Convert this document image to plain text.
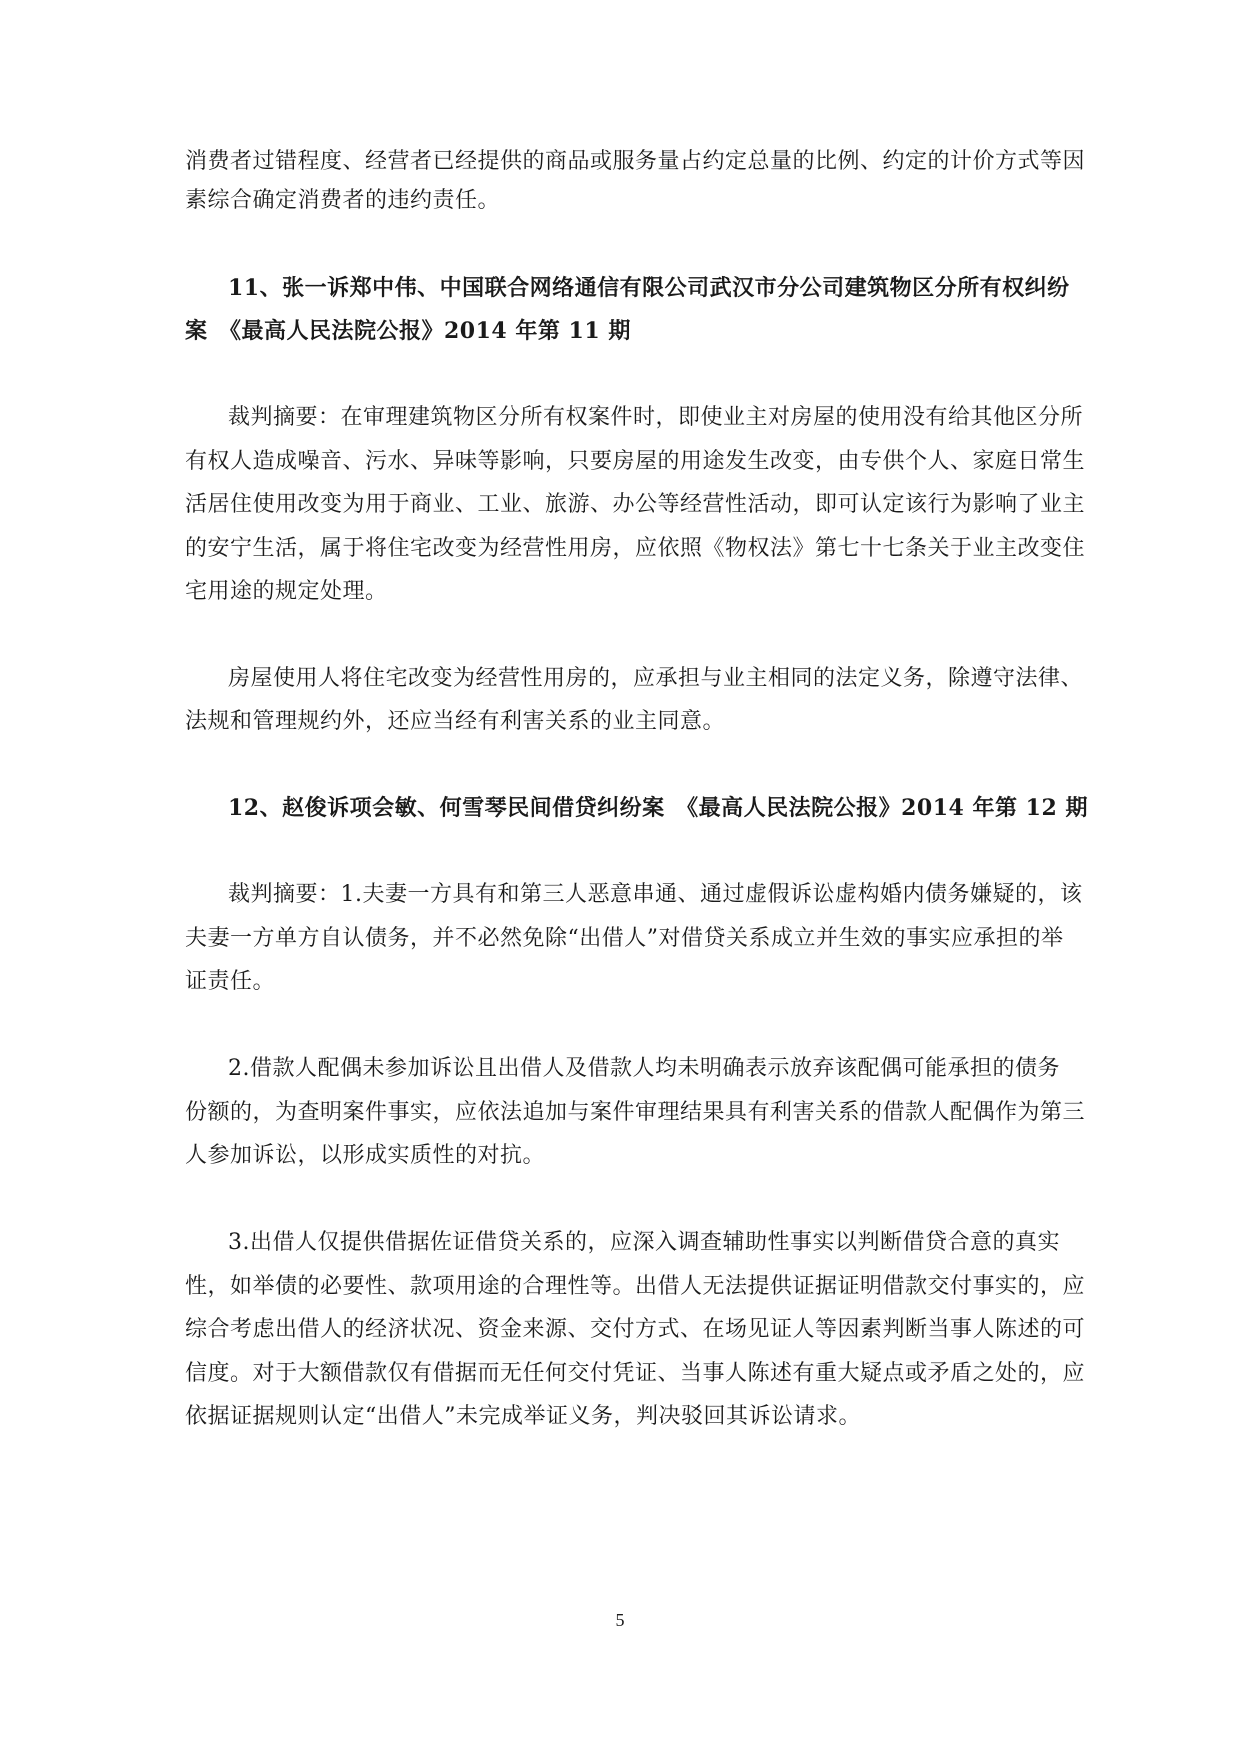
消费者过错程度、经营者已经提供的商品或服务量占约定总量的比例、约定的计价方式等因
素综合确定消费者的违约责任。
11、张一诉郑中伟、中国联合网络通信有限公司武汉市分公司建筑物区分所有权纠纷
案　《最高人民法院公报》2014 年第 11 期
裁判摘要：在审理建筑物区分所有权案件时，即使业主对房屋的使用没有给其他区分所
有权人造成噪音、污水、异味等影响，只要房屋的用途发生改变，由专供个人、家庭日常生
活居住使用改变为用于商业、工业、旅游、办公等经营性活动，即可认定该行为影响了业主
的安宁生活，属于将住宅改变为经营性用房，应依照《物权法》第七十七条关于业主改变住
宅用途的规定处理。
房屋使用人将住宅改变为经营性用房的，应承担与业主相同的法定义务，除遵守法律、
法规和管理规约外，还应当经有利害关系的业主同意。
12、赵俊诉项会敏、何雪琴民间借贷纠纷案　《最高人民法院公报》2014 年第 12 期
裁判摘要：1.夫妻一方具有和第三人恶意串通、通过虚假诉讼虚构婚内债务嫌疑的，该
夫妻一方单方自认债务，并不必然免除“出借人”对借贷关系成立并生效的事实应承担的举
证责任。
2.借款人配偶未参加诉讼且出借人及借款人均未明确表示放弃该配偶可能承担的债务
份额的，为查明案件事实，应依法追加与案件审理结果具有利害关系的借款人配偶作为第三
人参加诉讼，以形成实质性的对抗。
3.出借人仅提供借据佐证借贷关系的，应深入调查辅助性事实以判断借贷合意的真实
性，如举债的必要性、款项用途的合理性等。出借人无法提供证据证明借款交付事实的，应
综合考虑出借人的经济状况、资金来源、交付方式、在场见证人等因素判断当事人陈述的可
信度。对于大额借款仅有借据而无任何交付凭证、当事人陈述有重大疑点或矛盾之处的，应
依据证据规则认定“出借人”未完成举证义务，判决驳回其诉讼请求。
5
